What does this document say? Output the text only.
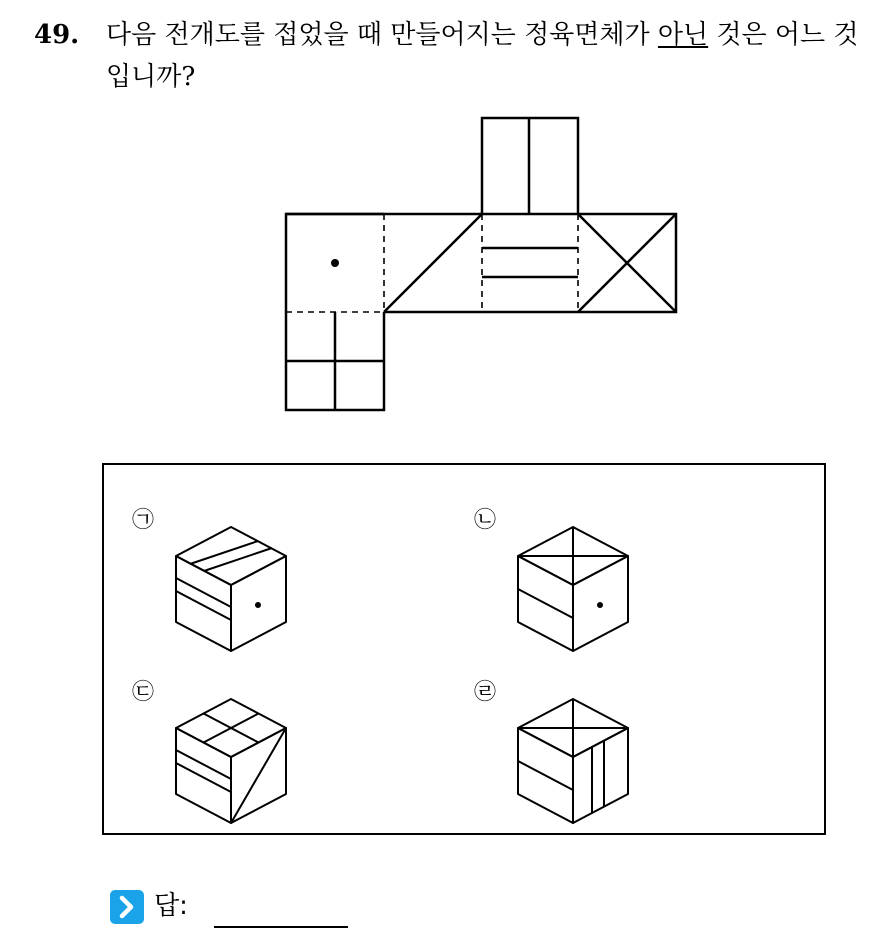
49. 다음 전개도를 접었을 때 만들어지는 정육면체가 아닌 것은 어느 것입니까?
㉠	㉡
㉢	㉣
답:
